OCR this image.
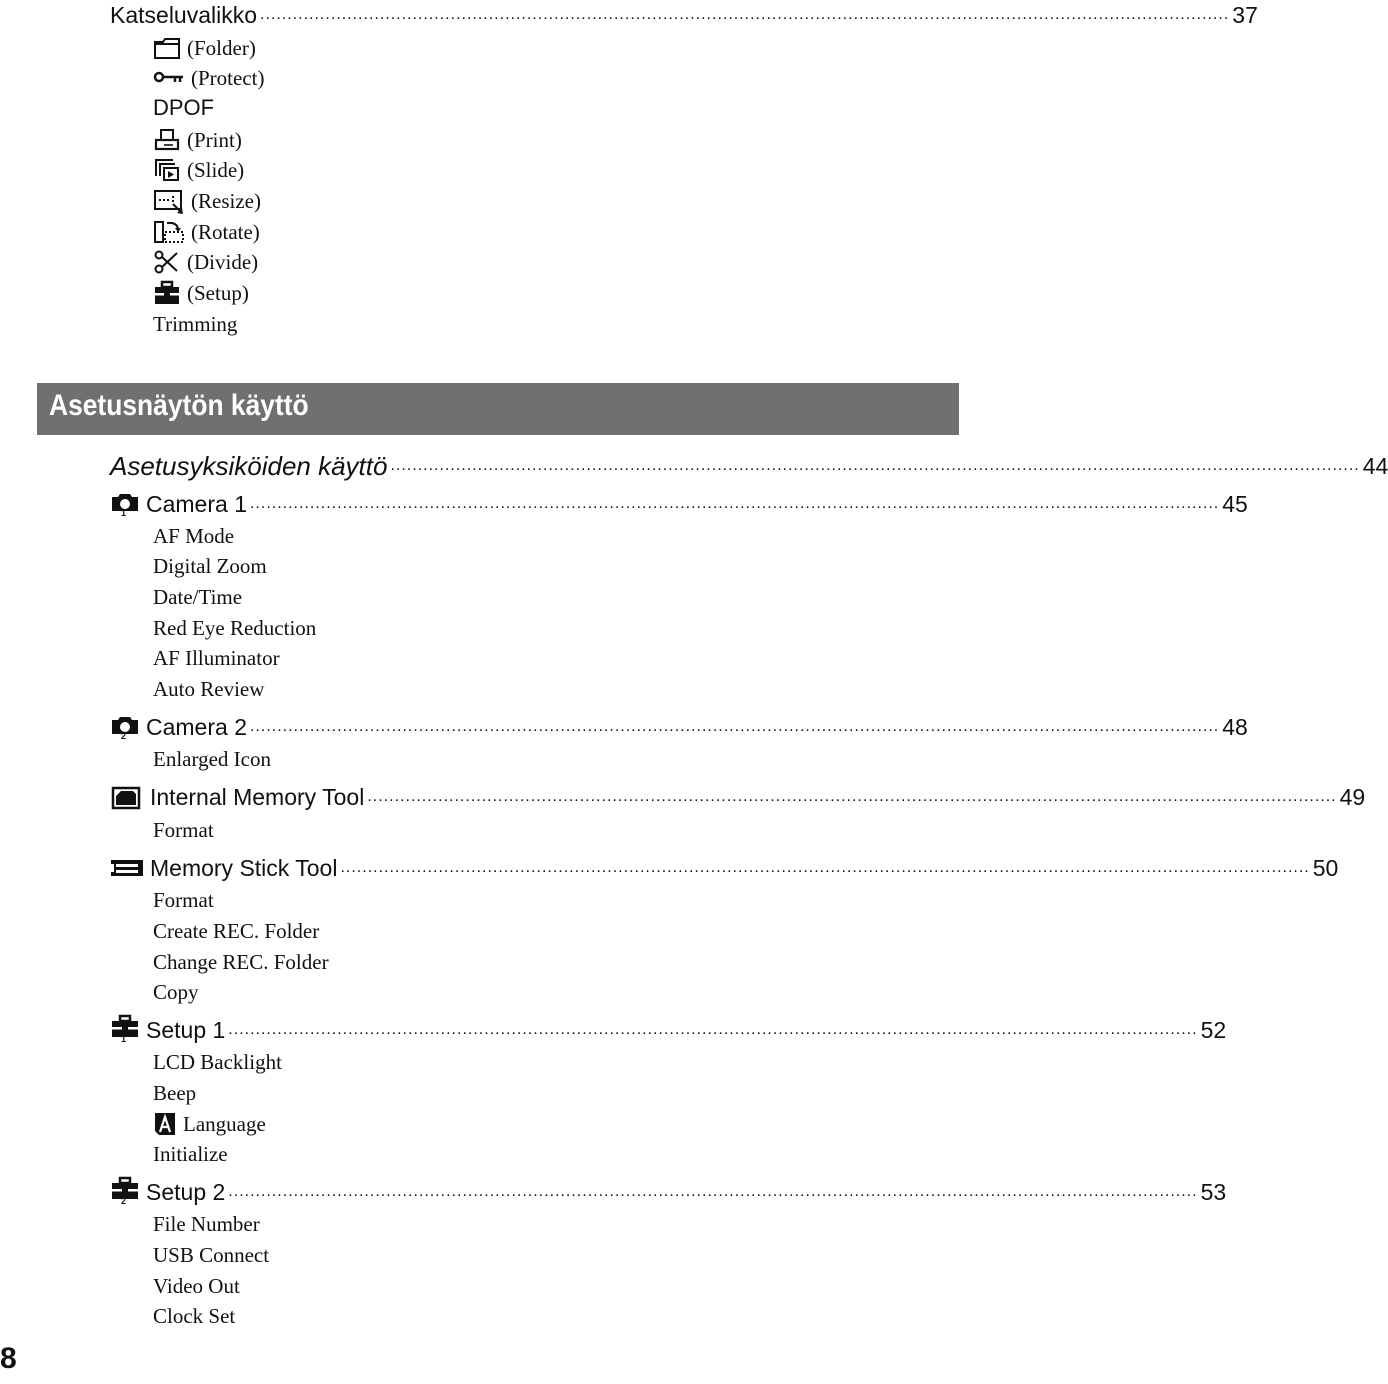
Katseluvalikko .................................................................................................................................................................................. 37
(Folder)
(Protect)
DPOF
(Print)
(Slide)
(Resize)
(Rotate)
(Divide)
(Setup)
Trimming
Asetusnäytön käyttö
Asetusyksiköiden käyttö .................................................................................................................................................................................. 44
1 Camera 1 .................................................................................................................................................................................. 45
AF Mode
Digital Zoom
Date/Time
Red Eye Reduction
AF Illuminator
Auto Review
2 Camera 2 .................................................................................................................................................................................. 48
Enlarged Icon
Internal Memory Tool .................................................................................................................................................................................. 49
Format
Memory Stick Tool .................................................................................................................................................................................. 50
Format
Create REC. Folder
Change REC. Folder
Copy
1 Setup 1 .................................................................................................................................................................................. 52
LCD Backlight
Beep
Language
Initialize
2 Setup 2 .................................................................................................................................................................................. 53
File Number
USB Connect
Video Out
Clock Set
8
